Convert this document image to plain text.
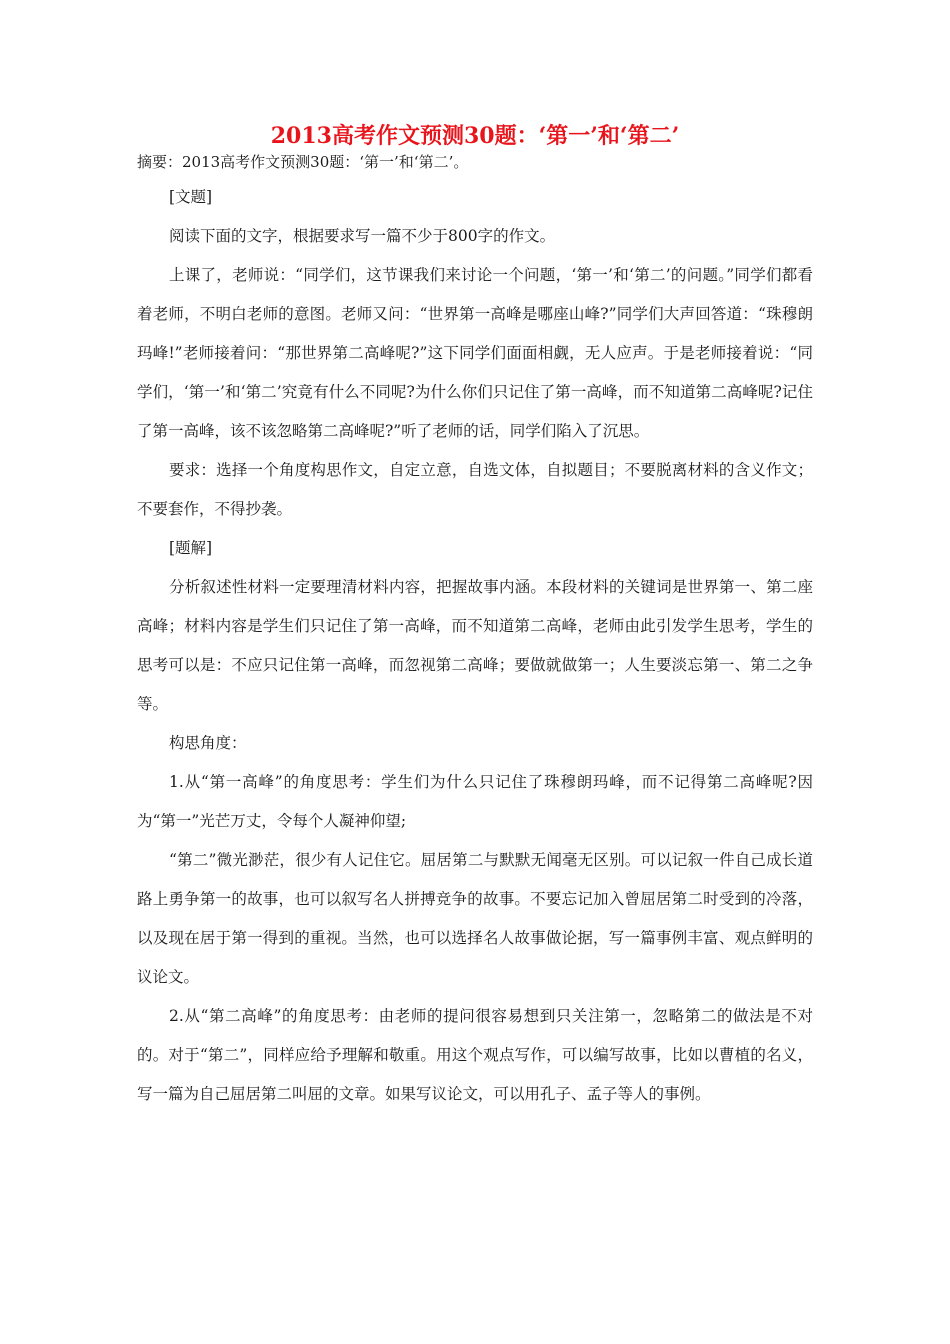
2013高考作文预测30题：‘第一’和‘第二’

摘要：2013高考作文预测30题：‘第一’和‘第二’。

[文题]

阅读下面的文字，根据要求写一篇不少于800字的作文。

上课了，老师说：“同学们，这节课我们来讨论一个问题，‘第一’和‘第二’的问题。”同学们都看着老师，不明白老师的意图。老师又问：“世界第一高峰是哪座山峰?”同学们大声回答道：“珠穆朗玛峰!”老师接着问：“那世界第二高峰呢?”这下同学们面面相觑，无人应声。于是老师接着说：“同学们，‘第一’和‘第二’究竟有什么不同呢?为什么你们只记住了第一高峰，而不知道第二高峰呢?记住了第一高峰，该不该忽略第二高峰呢?”听了老师的话，同学们陷入了沉思。

要求：选择一个角度构思作文，自定立意，自选文体，自拟题目；不要脱离材料的含义作文；不要套作，不得抄袭。

[题解]

分析叙述性材料一定要理清材料内容，把握故事内涵。本段材料的关键词是世界第一、第二座高峰；材料内容是学生们只记住了第一高峰，而不知道第二高峰，老师由此引发学生思考，学生的思考可以是：不应只记住第一高峰，而忽视第二高峰；要做就做第一；人生要淡忘第一、第二之争等。

构思角度：

1.从“第一高峰”的角度思考：学生们为什么只记住了珠穆朗玛峰，而不记得第二高峰呢?因为“第一”光芒万丈，令每个人凝神仰望;

“第二”微光渺茫，很少有人记住它。屈居第二与默默无闻毫无区别。可以记叙一件自己成长道路上勇争第一的故事，也可以叙写名人拼搏竞争的故事。不要忘记加入曾屈居第二时受到的冷落，以及现在居于第一得到的重视。当然，也可以选择名人故事做论据，写一篇事例丰富、观点鲜明的议论文。

2.从“第二高峰”的角度思考：由老师的提问很容易想到只关注第一，忽略第二的做法是不对的。对于“第二”，同样应给予理解和敬重。用这个观点写作，可以编写故事，比如以曹植的名义，写一篇为自己屈居第二叫屈的文章。如果写议论文，可以用孔子、孟子等人的事例。
